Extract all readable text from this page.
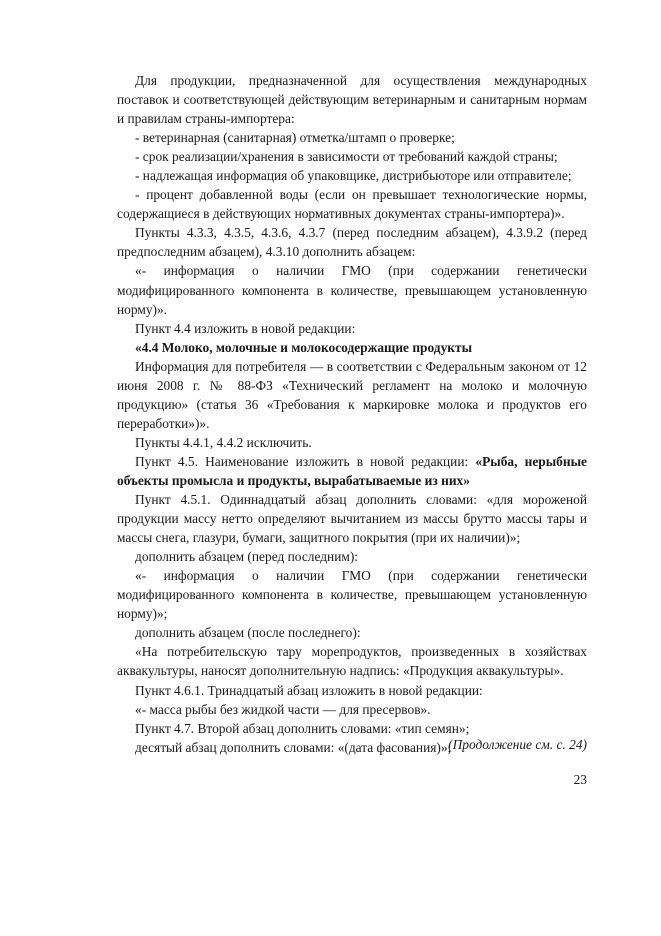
Для продукции, предназначенной для осуществления международных поставок и соответствующей действующим ветеринарным и санитарным нормам и правилам страны-импортера:

- ветеринарная (санитарная) отметка/штамп о проверке;

- срок реализации/хранения в зависимости от требований каждой страны;

- надлежащая информация об упаковщике, дистрибьюторе или отправителе;

- процент добавленной воды (если он превышает технологические нормы, содержащиеся в действующих нормативных документах страны-импортера)».

Пункты 4.3.3, 4.3.5, 4.3.6, 4.3.7 (перед последним абзацем), 4.3.9.2 (перед предпоследним абзацем), 4.3.10 дополнить абзацем:

«- информация о наличии ГМО (при содержании генетически модифицированного компонента в количестве, превышающем установленную норму)».

Пункт 4.4 изложить в новой редакции:

«4.4 Молоко, молочные и молокосодержащие продукты

Информация для потребителя — в соответствии с Федеральным законом от 12 июня 2008 г. № 88-ФЗ «Технический регламент на молоко и молочную продукцию» (статья 36 «Требования к маркировке молока и продуктов его переработки»)».

Пункты 4.4.1, 4.4.2 исключить.

Пункт 4.5. Наименование изложить в новой редакции: «Рыба, нерыбные объекты промысла и продукты, вырабатываемые из них»

Пункт 4.5.1. Одиннадцатый абзац дополнить словами: «для мороженой продукции массу нетто определяют вычитанием из массы брутто массы тары и массы снега, глазури, бумаги, защитного покрытия (при их наличии)»;

дополнить абзацем (перед последним):

«- информация о наличии ГМО (при содержании генетически модифицированного компонента в количестве, превышающем установленную норму)»;

дополнить абзацем (после последнего):

«На потребительскую тару морепродуктов, произведенных в хозяйствах аквакультуры, наносят дополнительную надпись: «Продукция аквакультуры».

Пункт 4.6.1. Тринадцатый абзац изложить в новой редакции:

«- масса рыбы без жидкой части — для пресервов».

Пункт 4.7. Второй абзац дополнить словами: «тип семян»;

десятый абзац дополнить словами: «(дата фасования)»;

(Продолжение см. с. 24)
23
